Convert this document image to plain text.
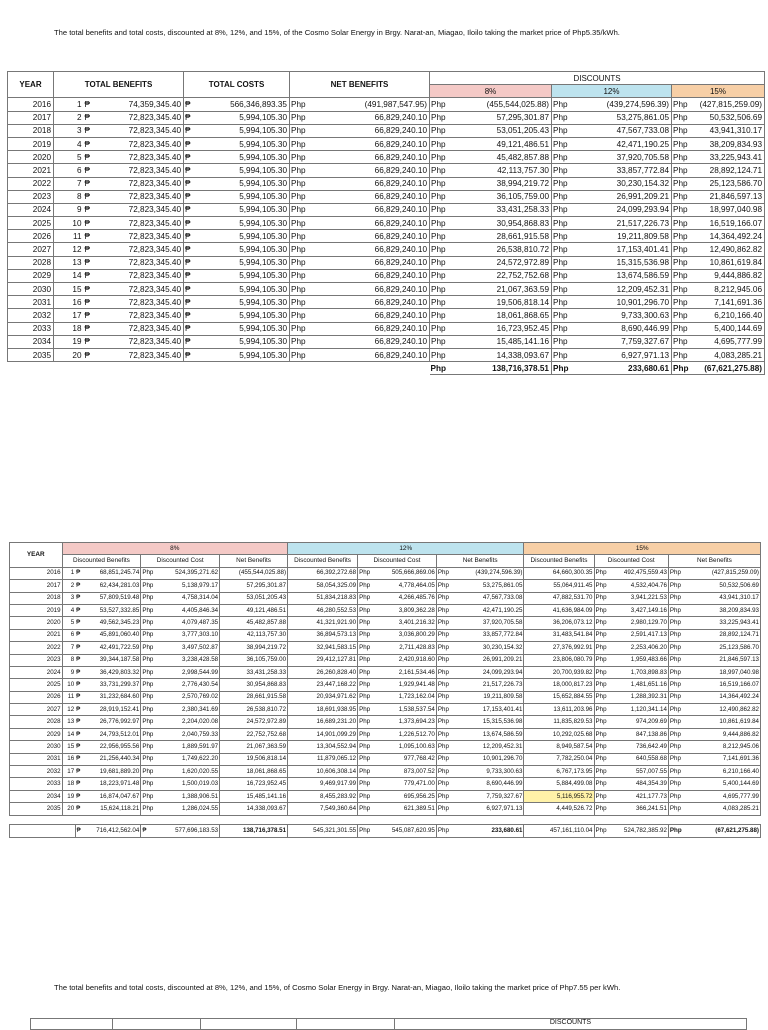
The total benefits and total costs, discounted at 8%, 12%, and 15%, of the Cosmo Solar Energy in Brgy. Narat-an, Miagao, Iloilo taking the market price of Php5.35/kWh.
YEAR	TOTAL BENEFITS			TOTAL COSTS		NET BENEFITS		DISCOUNTS					
								8%		12%		15%	
2016	1	₱	74,359,345.40	₱	566,346,893.35	Php	(491,987,547.95)	Php	(455,544,025.88)	Php	(439,274,596.39)	Php	(427,815,259.09)
2017	2	₱	72,823,345.40	₱	5,994,105.30	Php	66,829,240.10	Php	57,295,301.87	Php	53,275,861.05	Php	50,532,506.69
2018	3	₱	72,823,345.40	₱	5,994,105.30	Php	66,829,240.10	Php	53,051,205.43	Php	47,567,733.08	Php	43,941,310.17
2019	4	₱	72,823,345.40	₱	5,994,105.30	Php	66,829,240.10	Php	49,121,486.51	Php	42,471,190.25	Php	38,209,834.93
2020	5	₱	72,823,345.40	₱	5,994,105.30	Php	66,829,240.10	Php	45,482,857.88	Php	37,920,705.58	Php	33,225,943.41
2021	6	₱	72,823,345.40	₱	5,994,105.30	Php	66,829,240.10	Php	42,113,757.30	Php	33,857,772.84	Php	28,892,124.71
2022	7	₱	72,823,345.40	₱	5,994,105.30	Php	66,829,240.10	Php	38,994,219.72	Php	30,230,154.32	Php	25,123,586.70
2023	8	₱	72,823,345.40	₱	5,994,105.30	Php	66,829,240.10	Php	36,105,759.00	Php	26,991,209.21	Php	21,846,597.13
2024	9	₱	72,823,345.40	₱	5,994,105.30	Php	66,829,240.10	Php	33,431,258.33	Php	24,099,293.94	Php	18,997,040.98
2025	10	₱	72,823,345.40	₱	5,994,105.30	Php	66,829,240.10	Php	30,954,868.83	Php	21,517,226.73	Php	16,519,166.07
2026	11	₱	72,823,345.40	₱	5,994,105.30	Php	66,829,240.10	Php	28,661,915.58	Php	19,211,809.58	Php	14,364,492.24
2027	12	₱	72,823,345.40	₱	5,994,105.30	Php	66,829,240.10	Php	26,538,810.72	Php	17,153,401.41	Php	12,490,862.82
2028	13	₱	72,823,345.40	₱	5,994,105.30	Php	66,829,240.10	Php	24,572,972.89	Php	15,315,536.98	Php	10,861,619.84
2029	14	₱	72,823,345.40	₱	5,994,105.30	Php	66,829,240.10	Php	22,752,752.68	Php	13,674,586.59	Php	9,444,886.82
2030	15	₱	72,823,345.40	₱	5,994,105.30	Php	66,829,240.10	Php	21,067,363.59	Php	12,209,452.31	Php	8,212,945.06
2031	16	₱	72,823,345.40	₱	5,994,105.30	Php	66,829,240.10	Php	19,506,818.14	Php	10,901,296.70	Php	7,141,691.36
2032	17	₱	72,823,345.40	₱	5,994,105.30	Php	66,829,240.10	Php	18,061,868.65	Php	9,733,300.63	Php	6,210,166.40
2033	18	₱	72,823,345.40	₱	5,994,105.30	Php	66,829,240.10	Php	16,723,952.45	Php	8,690,446.99	Php	5,400,144.69
2034	19	₱	72,823,345.40	₱	5,994,105.30	Php	66,829,240.10	Php	15,485,141.16	Php	7,759,327.67	Php	4,695,777.99
2035	20	₱	72,823,345.40	₱	5,994,105.30	Php	66,829,240.10	Php	14,338,093.67	Php	6,927,971.13	Php	4,083,285.21
								Php	138,716,378.51	Php	233,680.61	Php	(67,621,275.88)
YEAR	8%						12%					15%				
	Discounted Benefits			Discounted Cost		Net Benefits	Discounted Benefits	Discounted Cost		Net Benefits		Discounted Benefits	Discounted Cost		Net Benefits	
2016	1	₱	68,851,245.74	Php	524,395,271.62	(455,544,025.88)	66,392,272.68	Php	505,666,869.06	Php	(439,274,596.39)	64,660,300.35	Php	492,475,559.43	Php	(427,815,259.09)
2017	2	₱	62,434,281.03	Php	5,138,979.17	57,295,301.87	58,054,325.09	Php	4,778,464.05	Php	53,275,861.05	55,064,911.45	Php	4,532,404.76	Php	50,532,506.69
2018	3	₱	57,809,519.48	Php	4,758,314.04	53,051,205.43	51,834,218.83	Php	4,266,485.76	Php	47,567,733.08	47,882,531.70	Php	3,941,221.53	Php	43,941,310.17
2019	4	₱	53,527,332.85	Php	4,405,846.34	49,121,486.51	46,280,552.53	Php	3,809,362.28	Php	42,471,190.25	41,636,984.09	Php	3,427,149.16	Php	38,209,834.93
2020	5	₱	49,562,345.23	Php	4,079,487.35	45,482,857.88	41,321,921.90	Php	3,401,216.32	Php	37,920,705.58	36,206,073.12	Php	2,980,129.70	Php	33,225,943.41
2021	6	₱	45,891,060.40	Php	3,777,303.10	42,113,757.30	36,894,573.13	Php	3,036,800.29	Php	33,857,772.84	31,483,541.84	Php	2,591,417.13	Php	28,892,124.71
2022	7	₱	42,491,722.59	Php	3,497,502.87	38,994,219.72	32,941,583.15	Php	2,711,428.83	Php	30,230,154.32	27,376,992.91	Php	2,253,406.20	Php	25,123,586.70
2023	8	₱	39,344,187.58	Php	3,238,428.58	36,105,759.00	29,412,127.81	Php	2,420,918.60	Php	26,991,209.21	23,806,080.79	Php	1,959,483.66	Php	21,846,597.13
2024	9	₱	36,429,803.32	Php	2,998,544.99	33,431,258.33	26,260,828.40	Php	2,161,534.46	Php	24,099,293.94	20,700,939.82	Php	1,703,898.83	Php	18,997,040.98
2025	10	₱	33,731,299.37	Php	2,776,430.54	30,954,868.83	23,447,168.22	Php	1,929,941.48	Php	21,517,226.73	18,000,817.23	Php	1,481,651.16	Php	16,519,166.07
2026	11	₱	31,232,684.60	Php	2,570,769.02	28,661,915.58	20,934,971.62	Php	1,723,162.04	Php	19,211,809.58	15,652,884.55	Php	1,288,392.31	Php	14,364,492.24
2027	12	₱	28,919,152.41	Php	2,380,341.69	26,538,810.72	18,691,938.95	Php	1,538,537.54	Php	17,153,401.41	13,611,203.96	Php	1,120,341.14	Php	12,490,862.82
2028	13	₱	26,776,992.97	Php	2,204,020.08	24,572,972.89	16,689,231.20	Php	1,373,694.23	Php	15,315,536.98	11,835,829.53	Php	974,209.69	Php	10,861,619.84
2029	14	₱	24,793,512.01	Php	2,040,759.33	22,752,752.68	14,901,099.29	Php	1,226,512.70	Php	13,674,586.59	10,292,025.68	Php	847,138.86	Php	9,444,886.82
2030	15	₱	22,956,955.56	Php	1,889,591.97	21,067,363.59	13,304,552.94	Php	1,095,100.63	Php	12,209,452.31	8,949,587.54	Php	736,642.49	Php	8,212,945.06
2031	16	₱	21,256,440.34	Php	1,749,622.20	19,506,818.14	11,879,065.12	Php	977,768.42	Php	10,901,296.70	7,782,250.04	Php	640,558.68	Php	7,141,691.36
2032	17	₱	19,681,889.20	Php	1,620,020.55	18,061,868.65	10,606,308.14	Php	873,007.52	Php	9,733,300.63	6,767,173.95	Php	557,007.55	Php	6,210,166.40
2033	18	₱	18,223,971.48	Php	1,500,019.03	16,723,952.45	9,469,917.99	Php	779,471.00	Php	8,690,446.99	5,884,499.08	Php	484,354.39	Php	5,400,144.69
2034	19	₱	16,874,047.67	Php	1,388,906.51	15,485,141.16	8,455,283.92	Php	695,956.25	Php	7,759,327.67	5,116,955.72	Php	421,177.73	Php	4,695,777.99
2035	20	₱	15,624,118.21	Php	1,286,024.55	14,338,093.67	7,549,360.64	Php	621,389.51	Php	6,927,971.13	4,449,526.72	Php	366,241.51	Php	4,083,285.21

		₱	716,412,562.04	₱	577,696,183.53	138,716,378.51	545,321,301.55	Php	545,087,620.95	Php	233,680.61	457,161,110.04	Php	524,782,385.92	Php	(67,621,275.88)
The total benefits and total costs, discounted at 8%, 12%, and 15%, of Cosmo Solar Energy in Brgy. Narat-an, Miagao, Iloilo taking the market price of Php7.55 per kWh.
				DISCOUNTS
